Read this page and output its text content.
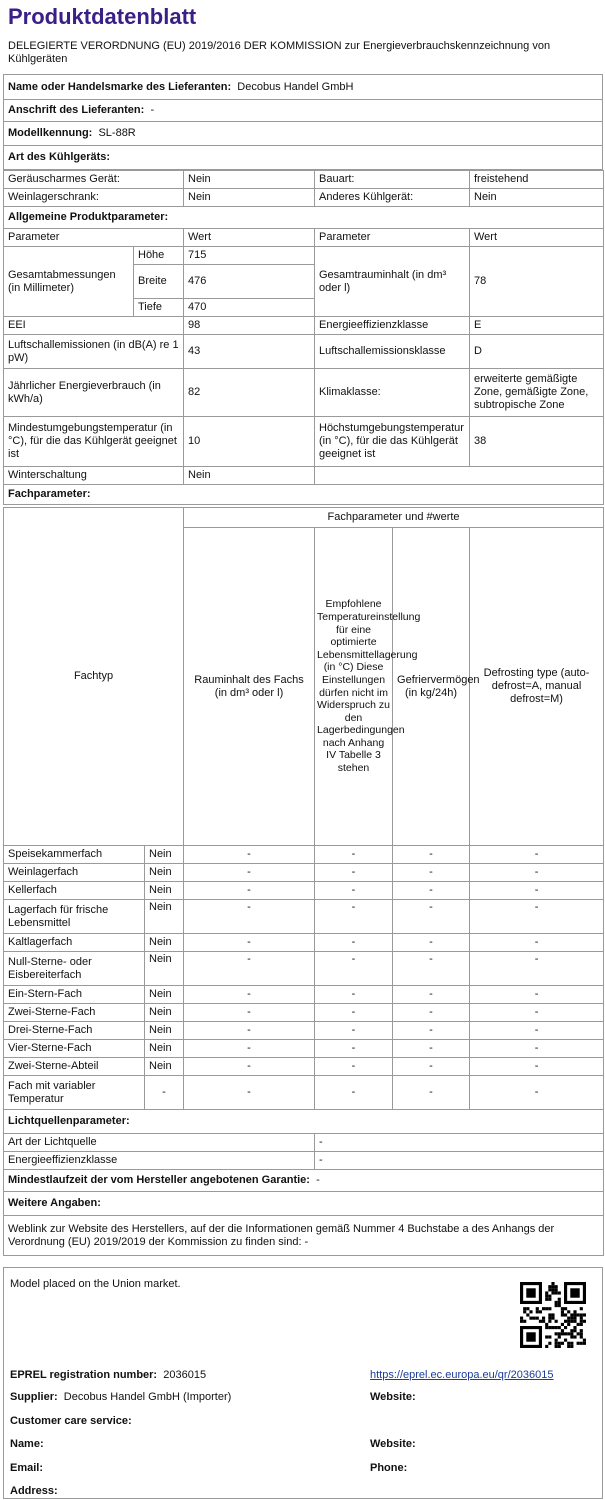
Produktdatenblatt
DELEGIERTE VERORDNUNG (EU) 2019/2016 DER KOMMISSION zur Energieverbrauchskennzeichnung von Kühlgeräten
Name oder Handelsmarke des Lieferanten: Decobus Handel GmbH
Anschrift des Lieferanten: -
Modellkennung: SL-88R
Art des Kühlgeräts:
Geräuscharmes Gerät:		Nein	Bauart:	freistehend
Weinlagerschrank:		Nein	Anderes Kühlgerät:	Nein
Allgemeine Produktparameter:				
Parameter		Wert	Parameter	Wert
Gesamtabmessungen (in Millimeter)	Höhe	715	Gesamtrauminhalt (in dm³ oder l)	78
	Breite	476		
	Tiefe	470		
EEI		98	Energieeffizienzklasse	E
Luftschallemissionen (in dB(A) re 1 pW)		43	Luftschallemissionsklasse	D
Jährlicher Energieverbrauch (in kWh/a)		82	Klimaklasse:	erweiterte gemäßigte Zone, gemäßigte Zone, subtropische Zone
Mindestumgebungstemperatur (in °C), für die das Kühlgerät geeignet ist		10	Höchstumgebungstemperatur (in °C), für die das Kühlgerät geeignet ist	38
Winterschaltung		Nein		
Fachparameter:				
Fachtyp		Fachparameter und #werte			
		Rauminhalt des Fachs (in dm³ oder l)	Empfohlene Temperatureinstellung für eine optimierte Lebensmittellagerung (in °C) Diese Einstellungen dürfen nicht im Widerspruch zu den Lagerbedingungen nach Anhang IV Tabelle 3 stehen	Gefriervermögen (in kg/24h)	Defrosting type (auto-defrost=A, manual defrost=M)
Speisekammerfach	Nein	-	-	-	-
Weinlagerfach	Nein	-	-	-	-
Kellerfach	Nein	-	-	-	-
Lagerfach für frische Lebensmittel	Nein	-	-	-	-
Kaltlagerfach	Nein	-	-	-	-
Null-Sterne- oder Eisbereiterfach	Nein	-	-	-	-
Ein-Stern-Fach	Nein	-	-	-	-
Zwei-Sterne-Fach	Nein	-	-	-	-
Drei-Sterne-Fach	Nein	-	-	-	-
Vier-Sterne-Fach	Nein	-	-	-	-
Zwei-Sterne-Abteil	Nein	-	-	-	-
Fach mit variabler Temperatur	-	-	-	-	-
Lichtquellenparameter:	
Art der Lichtquelle	-
Energieeffizienzklasse	-
Mindestlaufzeit der vom Hersteller angebotenen Garantie: -	
Weitere Angaben:	
Weblink zur Website des Herstellers, auf der die Informationen gemäß Nummer 4 Buchstabe a des Anhangs der Verordnung (EU) 2019/2019 der Kommission zu finden sind: -	
Model placed on the Union market.
EPREL registration number: 2036015	https://eprel.ec.europa.eu/qr/2036015
Supplier: Decobus Handel GmbH (Importer)	Website:
Customer care service:
Name:	Website:
Email:	Phone:
Address:
